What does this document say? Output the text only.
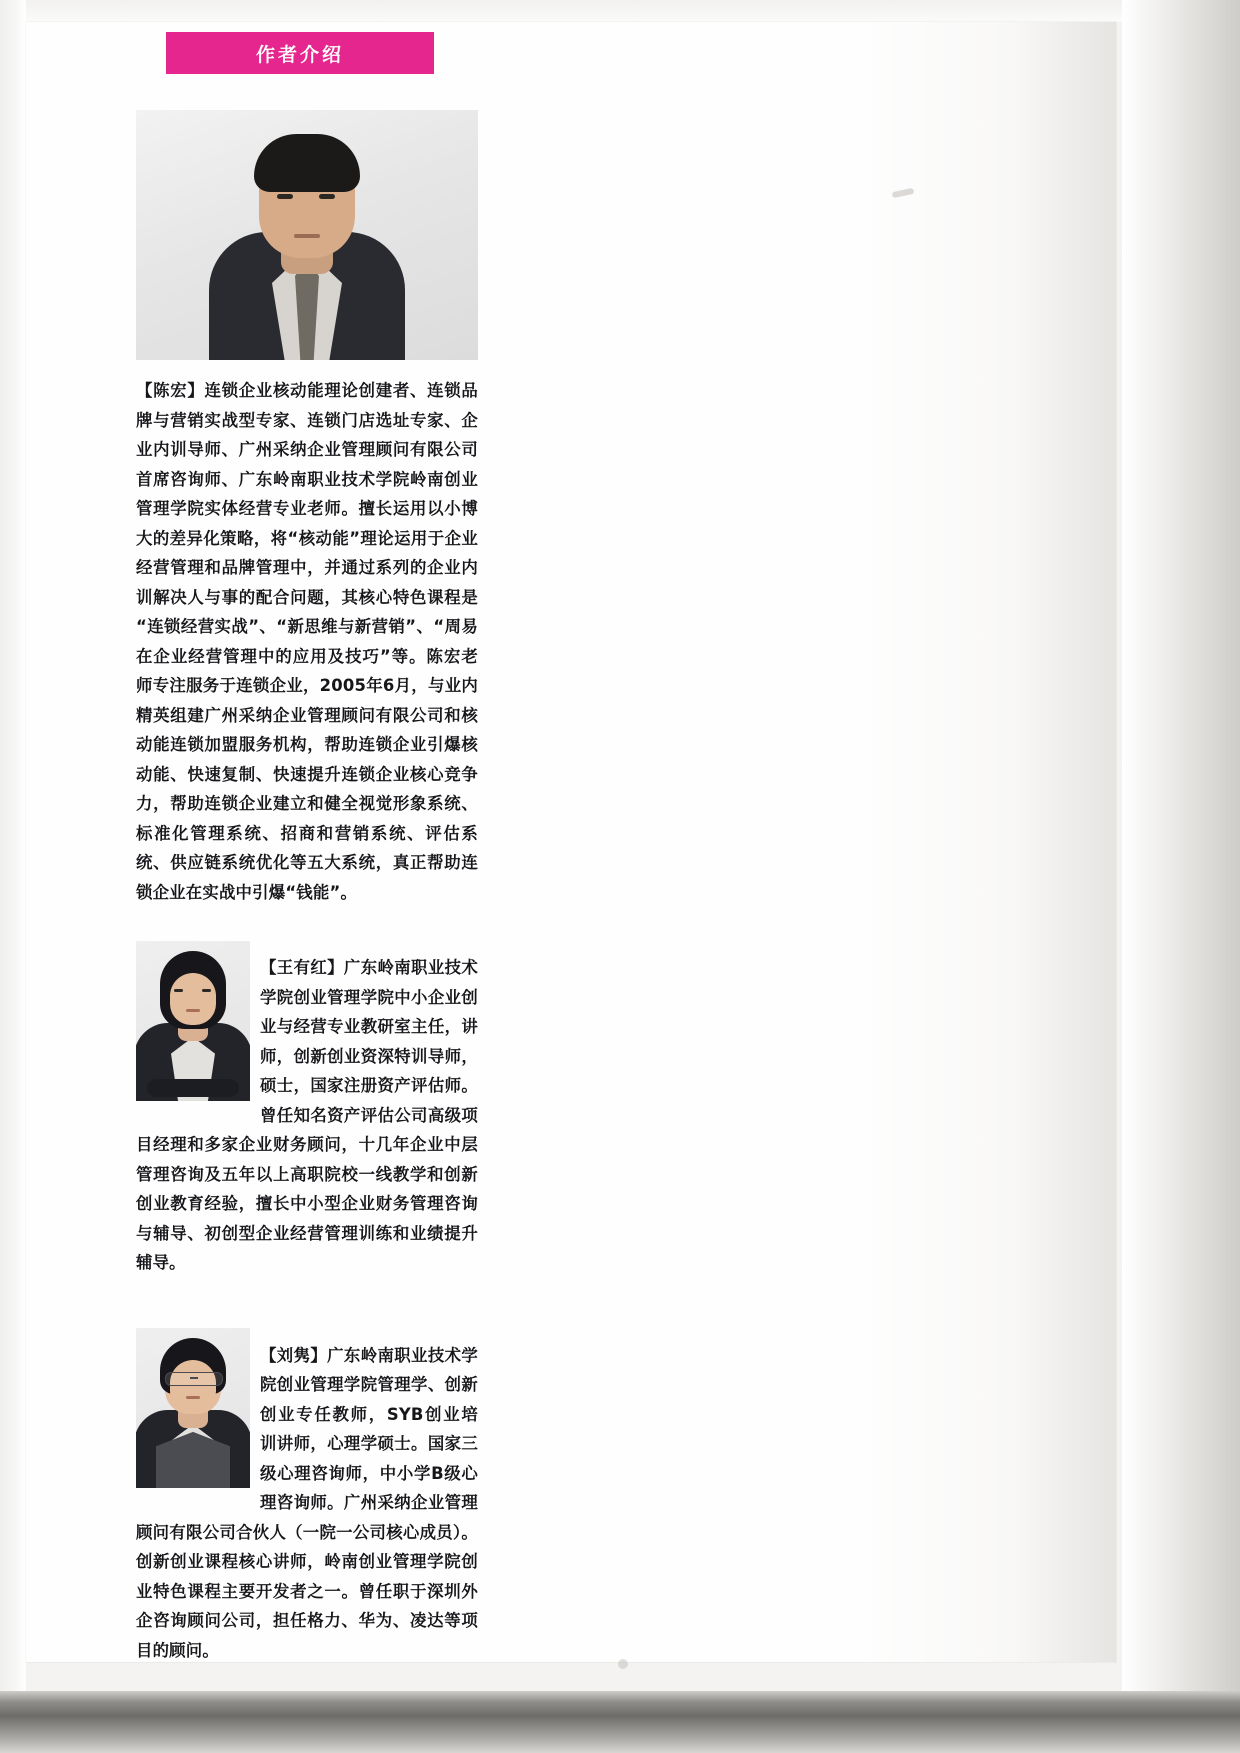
作者介绍

【陈宏】连锁企业核动能理论创建者、连锁品牌与营销实战型专家、连锁门店选址专家、企业内训导师、广州采纳企业管理顾问有限公司首席咨询师、广东岭南职业技术学院岭南创业管理学院实体经营专业老师。擅长运用以小博大的差异化策略，将“核动能”理论运用于企业经营管理和品牌管理中，并通过系列的企业内训解决人与事的配合问题，其核心特色课程是“连锁经营实战”、“新思维与新营销”、“周易在企业经营管理中的应用及技巧”等。陈宏老师专注服务于连锁企业，2005年6月，与业内精英组建广州采纳企业管理顾问有限公司和核动能连锁加盟服务机构，帮助连锁企业引爆核动能、快速复制、快速提升连锁企业核心竞争力，帮助连锁企业建立和健全视觉形象系统、标准化管理系统、招商和营销系统、评估系统、供应链系统优化等五大系统，真正帮助连锁企业在实战中引爆“钱能”。

【王有红】广东岭南职业技术学院创业管理学院中小企业创业与经营专业教研室主任，讲师，创新创业资深特训导师，硕士，国家注册资产评估师。曾任知名资产评估公司高级项目经理和多家企业财务顾问，十几年企业中层管理咨询及五年以上高职院校一线教学和创新创业教育经验，擅长中小型企业财务管理咨询与辅导、初创型企业经营管理训练和业绩提升辅导。

【刘隽】广东岭南职业技术学院创业管理学院管理学、创新创业专任教师，SYB创业培训讲师，心理学硕士。国家三级心理咨询师，中小学B级心理咨询师。广州采纳企业管理顾问有限公司合伙人（一院一公司核心成员）。创新创业课程核心讲师，岭南创业管理学院创业特色课程主要开发者之一。曾任职于深圳外企咨询顾问公司，担任格力、华为、凌达等项目的顾问。
